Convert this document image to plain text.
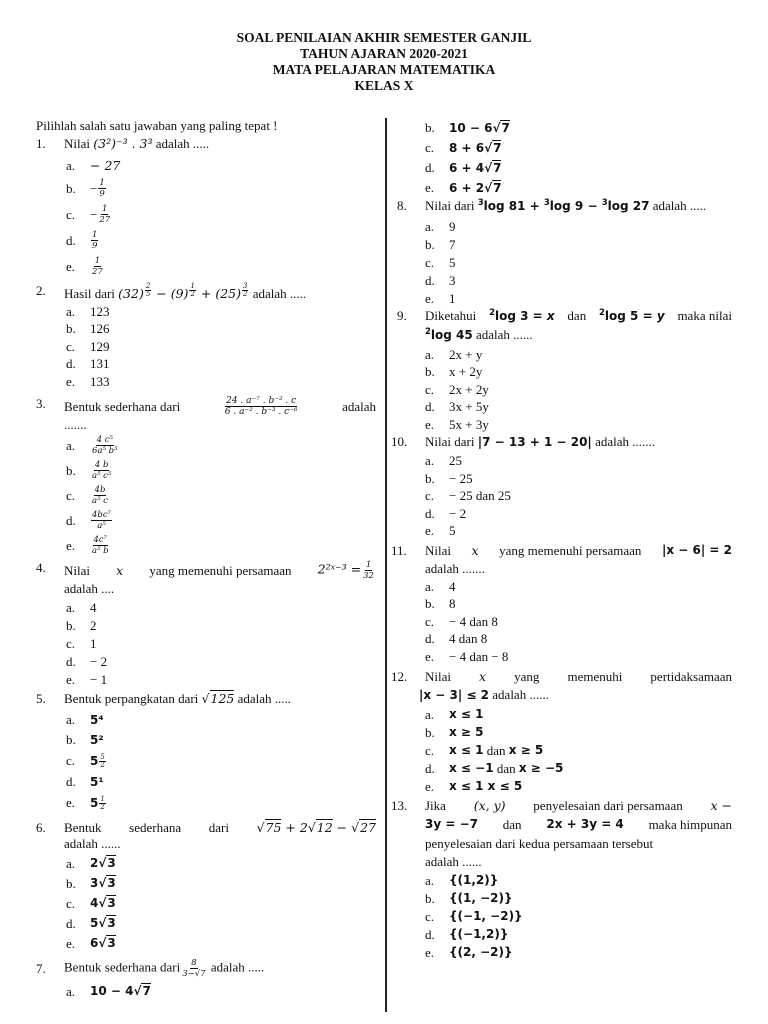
SOAL PENILAIAN AKHIR SEMESTER GANJIL
TAHUN AJARAN 2020-2021
MATA PELAJARAN MATEMATIKA
KELAS X
Pilihlah salah satu jawaban yang paling tepat !
1.	Nilai (3²)⁻³ . 3³ adalah .....
a.	− 27
b.	− $\frac{1}{9}$
c.	− $\frac{1}{27}$
d.	$\frac{1}{9}$
e.	$\frac{1}{27}$
2.	Hasil dari (32) $^{\frac{2}{5}}$ − (9) $^{\frac{1}{2}}$ + (25) $^{\frac{3}{2}}$ adalah .....
a.	123
b.	126
c.	129
d.	131
e.	133
3.	Bentuk sederhana dari	$\frac{\text{24 . a⁻⁷ . b⁻² . c}}{\text{6 . a⁻² . b⁻³ . c⁻⁶}}$	adalah
.......
a.	$\frac{\text{4 c⁵}}{\text{6a⁵ b⁵}}$
b.	$\frac{4 b}{\text{a⁵ c⁵}}$
c.	$\frac{4b}{\text{a⁵ c}}$
d.	$\frac{\text{4bc⁷}}{\text{a⁵}}$
e.	$\frac{\text{4c⁷}}{\text{a⁵ b}}$
4.	Nilai x yang memenuhi persamaan 2²ˣ⁻³ = $\frac{1}{32}$
adalah ....
a.	4
b.	2
c.	1
d.	− 2
e.	− 1
5.	Bentuk perpangkatan dari √125 adalah .....
a.	5⁴
b.	5²
c.	$5 \frac{5}{2}$
d.	5¹
e.	$5 \frac{1}{2}$
6.	Bentuk sederhana dari √75 + 2√12 − √27
adalah ......
a.	2√3
b.	3√3
c.	4√3
d.	5√3
e.	6√3
7.	Bentuk sederhana dari $\frac{8}{3-√7}$ adalah .....
a.	10 − 4√7
b.	10 − 6√7
c.	8 + 6√7
d.	6 + 4√7
e.	6 + 2√7
8.	Nilai dari $^3$log 81 + $^3$log 9 − $^3$log 27 adalah .....
a.	9
b.	7
c.	5
d.	3
e.	1
9.	Diketahui $^2$log 3 = x dan $^2$log 5 = y maka nilai
$^2$log 45 adalah ......
a.	2x + y
b.	x + 2y
c.	2x + 2y
d.	3x + 5y
e.	5x + 3y
10.	Nilai dari |7 − 13 + 1 − 20| adalah .......
a.	25
b.	− 25
c.	− 25 dan 25
d.	− 2
e.	5
11.	Nilai x yang memenuhi persamaan |x − 6| = 2
adalah .......
a.	4
b.	8
c.	− 4 dan 8
d.	4 dan 8
e.	− 4 dan − 8
12.	Nilai x yang memenuhi pertidaksamaan
|x − 3| ≤ 2 adalah ......
a.	x ≤ 1
b.	x ≥ 5
c.	x ≤ 1
dan
x ≥ 5
d.	x ≤ −1
dan
x ≥ −5
e.	x ≤ 1 x ≤ 5
13.	Jika (x, y) penyelesaian dari persamaan x −
3y = −7 dan 2x + 3y = 4 maka himpunan
penyelesaian dari kedua persamaan tersebut
adalah ......
a.	{(1,2)}
b.	{(1, −2)}
c.	{(−1, −2)}
d.	{(−1,2)}
e.	{(2, −2)}
